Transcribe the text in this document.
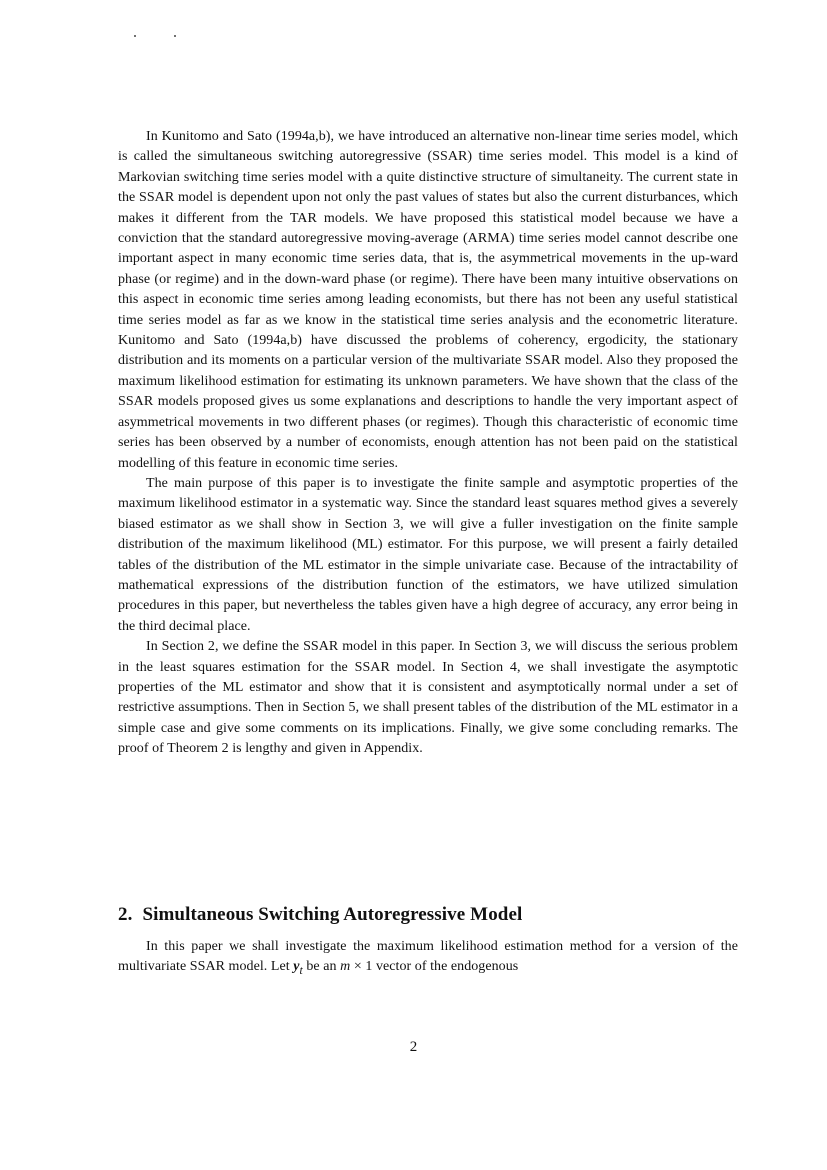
In Kunitomo and Sato (1994a,b), we have introduced an alternative non-linear time series model, which is called the simultaneous switching autoregressive (SSAR) time series model. This model is a kind of Markovian switching time series model with a quite distinctive structure of simultaneity. The current state in the SSAR model is dependent upon not only the past values of states but also the current disturbances, which makes it different from the TAR models. We have proposed this statistical model because we have a conviction that the standard autoregressive moving-average (ARMA) time series model cannot describe one important aspect in many economic time series data, that is, the asymmetrical movements in the up-ward phase (or regime) and in the down-ward phase (or regime). There have been many intuitive observations on this aspect in economic time series among leading economists, but there has not been any useful statistical time series model as far as we know in the statistical time series analysis and the econometric literature. Kunitomo and Sato (1994a,b) have discussed the problems of coherency, ergodicity, the stationary distribution and its moments on a particular version of the multivariate SSAR model. Also they proposed the maximum likelihood estimation for estimating its unknown parameters. We have shown that the class of the SSAR models proposed gives us some explanations and descriptions to handle the very important aspect of asymmetrical movements in two different phases (or regimes). Though this characteristic of economic time series has been observed by a number of economists, enough attention has not been paid on the statistical modelling of this feature in economic time series.

The main purpose of this paper is to investigate the finite sample and asymptotic properties of the maximum likelihood estimator in a systematic way. Since the standard least squares method gives a severely biased estimator as we shall show in Section 3, we will give a fuller investigation on the finite sample distribution of the maximum likelihood (ML) estimator. For this purpose, we will present a fairly detailed tables of the distribution of the ML estimator in the simple univariate case. Because of the intractability of mathematical expressions of the distribution function of the estimators, we have utilized simulation procedures in this paper, but nevertheless the tables given have a high degree of accuracy, any error being in the third decimal place.

In Section 2, we define the SSAR model in this paper. In Section 3, we will discuss the serious problem in the least squares estimation for the SSAR model. In Section 4, we shall investigate the asymptotic properties of the ML estimator and show that it is consistent and asymptotically normal under a set of restrictive assumptions. Then in Section 5, we shall present tables of the distribution of the ML estimator in a simple case and give some comments on its implications. Finally, we give some concluding remarks. The proof of Theorem 2 is lengthy and given in Appendix.

2. Simultaneous Switching Autoregressive Model

In this paper we shall investigate the maximum likelihood estimation method for a version of the multivariate SSAR model. Let $y_t$ be an m × 1 vector of the endogenous

2
